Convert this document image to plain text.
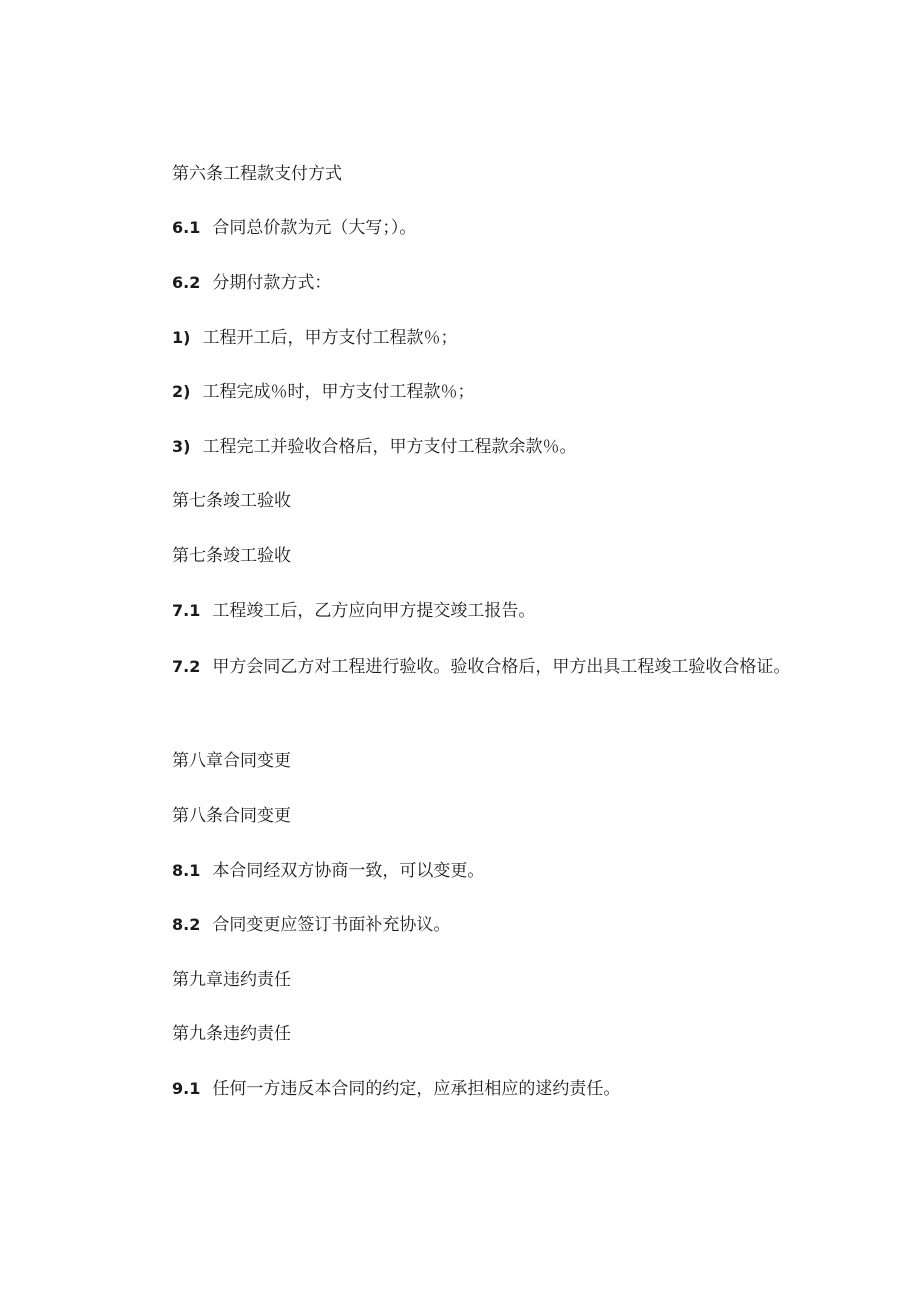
第六条工程款支付方式
6.1 合同总价款为元（大写；）。
6.2 分期付款方式：
1) 工程开工后，甲方支付工程款％；
2) 工程完成％时，甲方支付工程款％；
3) 工程完工并验收合格后，甲方支付工程款余款％。
第七条竣工验收
第七条竣工验收
7.1 工程竣工后，乙方应向甲方提交竣工报告。
7.2 甲方会同乙方对工程进行验收。验收合格后，甲方出具工程竣工验收合格证。
第八章合同变更
第八条合同变更
8.1 本合同经双方协商一致，可以变更。
8.2 合同变更应签订书面补充协议。
第九章违约责任
第九条违约责任
9.1 任何一方违反本合同的约定，应承担相应的逑约责任。
